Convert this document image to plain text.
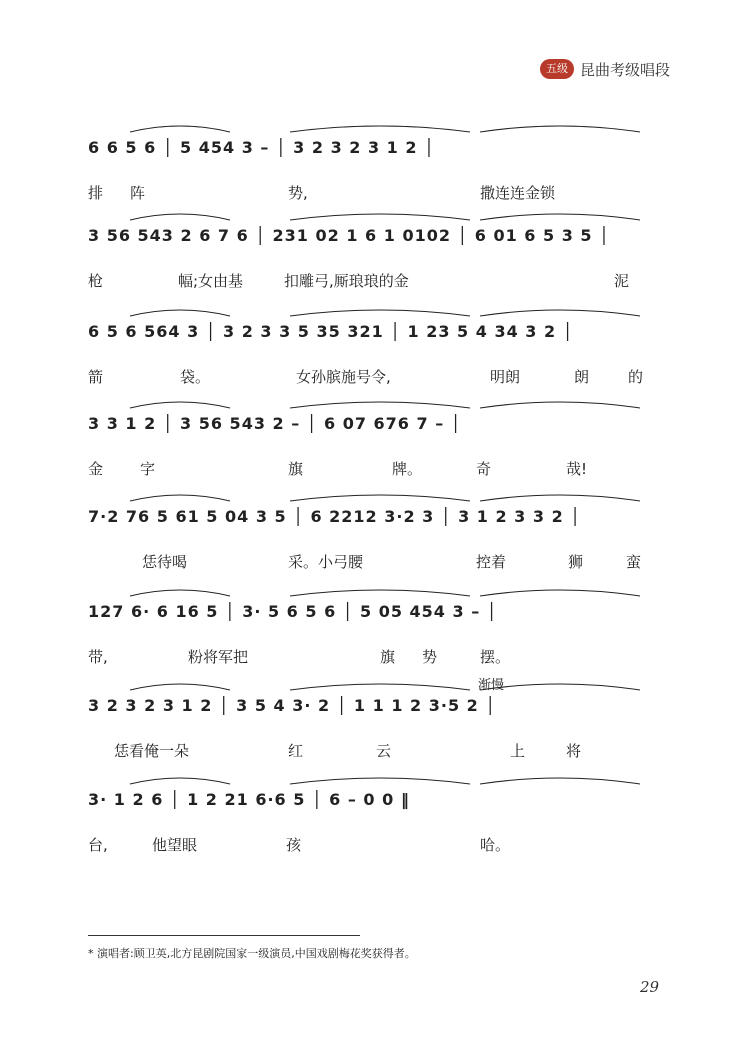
五级 昆曲考级唱段
6 6 5 6 │ 5 454 3 – │ 3 2 3 2 3 1 2 │
排 阵	势,	撒连连金锁
3 56 543 2 6 7 6 │ 231 02 1 6 1 0102 │ 6 01 6 5 3 5 │
枪	幅;女由基	扣雕弓,厮琅琅的金	泥
6 5 6 564 3 │ 3 2 3 3 5 35 321 │ 1 23 5 4 34 3 2 │
箭	袋。	女孙膑施号令,	明朗	朗	的
3 3 1 2 │ 3 56 543 2 – │ 6 07 676 7 – │
金 字	旗	牌。	奇	哉!
7·2 76 5 61 5 04 3 5 │ 6 2212 3·2 3 │ 3 1 2 3 3 2 │
恁待喝	采。小弓腰	控着	狮	蛮
127 6· 6 16 5 │ 3· 5 6 5 6 │ 5 05 454 3 – │
带,	粉将军把	旗 势	摆。
3 2 3 2 3 1 2 │ 3 5 4 3· 2 │ 1 1 1 2 3·5 2 │
恁看俺一朵	红	云	上	将
3· 1 2 6 │ 1 2 21 6·6 5 │ 6 – 0 0 ‖
台,	他望眼	孩	哈。
* 演唱者:顾卫英,北方昆剧院国家一级演员,中国戏剧梅花奖获得者。
29
渐慢
